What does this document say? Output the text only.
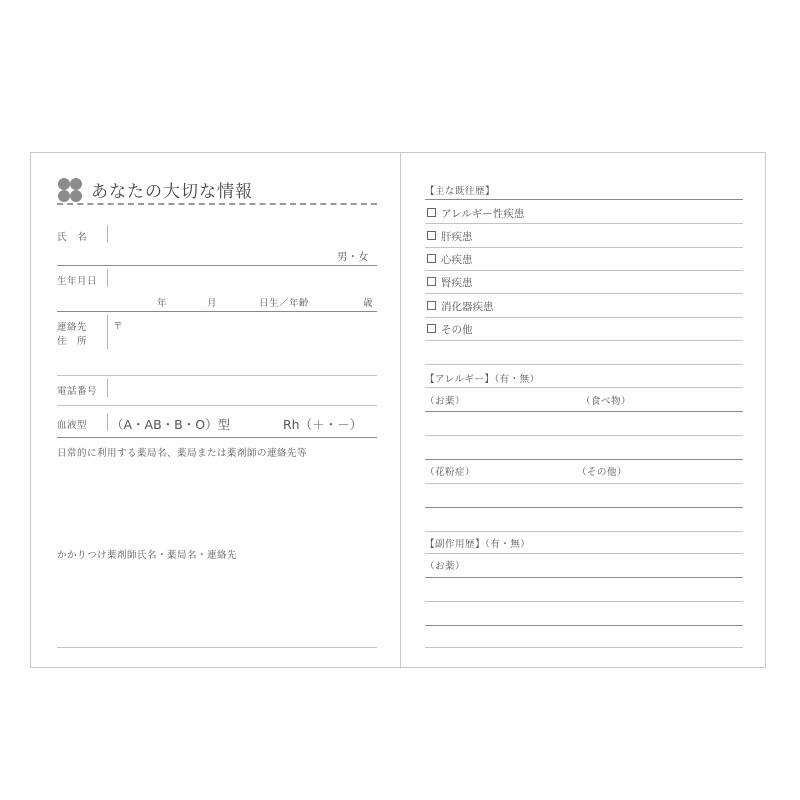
あなたの大切な情報
氏　名
男・女
生年月日
年	月	日生／年齢	歳
連絡先
住　所
〒
電話番号
血液型 （A・AB・B・O）型	Rh（＋・－）
日常的に利用する薬局名、薬局または薬剤師の連絡先等
かかりつけ薬剤師氏名・薬局名・連絡先
【主な既往歴】
アレルギー性疾患
肝疾患
心疾患
腎疾患
消化器疾患
その他
【アレルギー】（有・無）
（お薬）	（食べ物）
（花粉症）	（その他）
【副作用歴】（有・無）
（お薬）
